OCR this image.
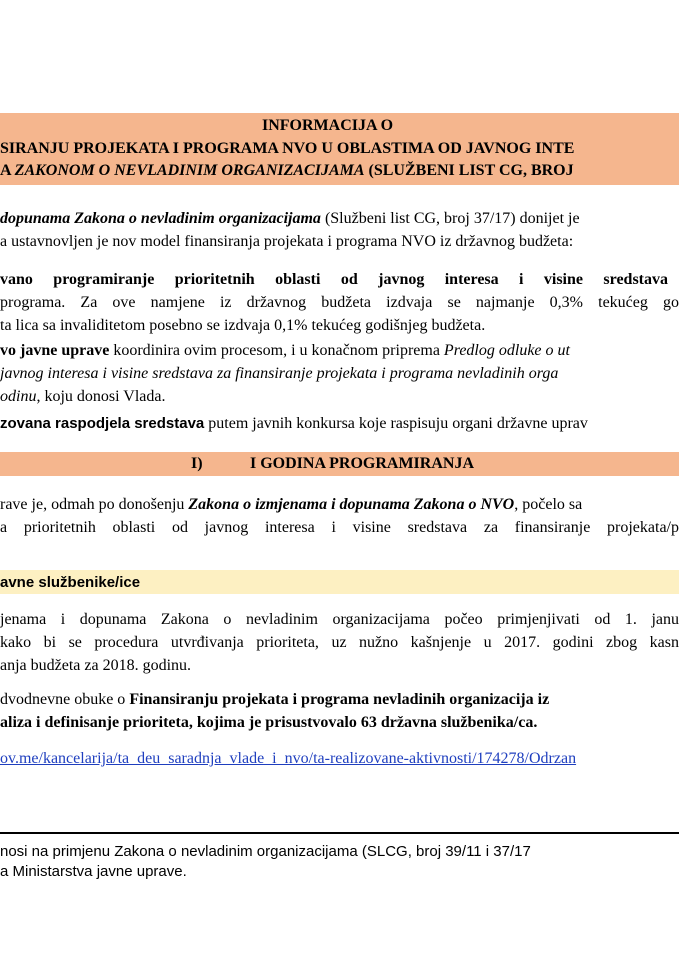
INFORMACIJA O
SIRANJU PROJEKATA I PROGRAMA NVO U OBLASTIMA OD JAVNOG INTE
A ZAKONOM O NEVLADINIM ORGANIZACIJAMA (SLUŽBENI LIST CG, BROJ
dopunama Zakona o nevladinim organizacijama (Službeni list CG, broj 37/17) donijet je
a ustavnovljen je nov model finansiranja projekata i programa NVO iz državnog budžeta:
vano programiranje prioritetnih oblasti od javnog interesa i visine sredstava
programa. Za ove namjene iz državnog budžeta izdvaja se najmanje 0,3% tekućeg go
ta lica sa invaliditetom posebno se izdvaja 0,1% tekućeg godišnjeg budžeta.
vo javne uprave koordinira ovim procesom, i u konačnom priprema Predlog odluke o ut
javnog interesa i visine sredstava za finansiranje projekata i programa nevladinih orga
odinu, koju donosi Vlada.
zovana raspodjela sredstava putem javnih konkursa koje raspisuju organi državne uprav
I)	I GODINA PROGRAMIRANJA
rave je, odmah po donošenju Zakona o izmjenama i dopunama Zakona o NVO, počelo sa
a prioritetnih oblasti od javnog interesa i visine sredstava za finansiranje projekata/p
avne službenike/ice
jenama i dopunama Zakona o nevladinim organizacijama počeo primjenjivati od 1. janu
kako bi se procedura utvrđivanja prioriteta, uz nužno kašnjenje u 2017. godini zbog kasn
anja budžeta za 2018. godinu.
dvodnevne obuke o Finansiranju projekata i programa nevladinih organizacija iz
aliza i definisanje prioriteta, kojima je prisustvovalo 63 državna službenika/ca.
ov.me/kancelarija/ta_deu_saradnja_vlade_i_nvo/ta-realizovane-aktivnosti/174278/Odrzan
nosi na primjenu Zakona o nevladinim organizacijama (SLCG, broj 39/11 i 37/17
a Ministarstva javne uprave.
